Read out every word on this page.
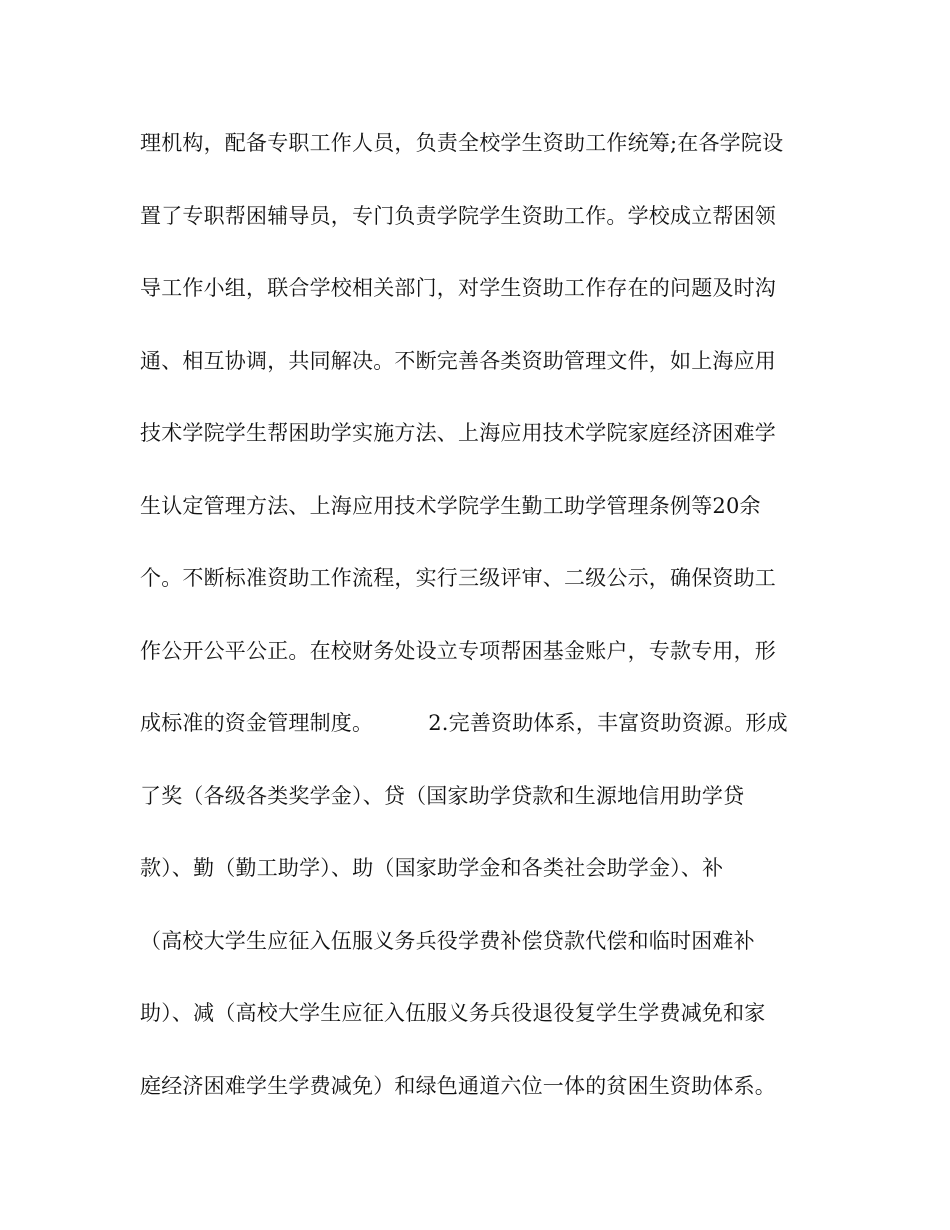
理机构，配备专职工作人员，负责全校学生资助工作统筹;在各学院设
置了专职帮困辅导员，专门负责学院学生资助工作。学校成立帮困领
导工作小组，联合学校相关部门，对学生资助工作存在的问题及时沟
通、相互协调，共同解决。不断完善各类资助管理文件，如上海应用
技术学院学生帮困助学实施方法、上海应用技术学院家庭经济困难学
生认定管理方法、上海应用技术学院学生勤工助学管理条例等20余
个。不断标准资助工作流程，实行三级评审、二级公示，确保资助工
作公开公平公正。在校财务处设立专项帮困基金账户，专款专用，形
成标准的资金管理制度。        2.完善资助体系，丰富资助资源。形成
了奖（各级各类奖学金）、贷（国家助学贷款和生源地信用助学贷
款）、勤（勤工助学）、助（国家助学金和各类社会助学金）、补
（高校大学生应征入伍服义务兵役学费补偿贷款代偿和临时困难补
助）、减（高校大学生应征入伍服义务兵役退役复学生学费减免和家
庭经济困难学生学费减免）和绿色通道六位一体的贫困生资助体系。
